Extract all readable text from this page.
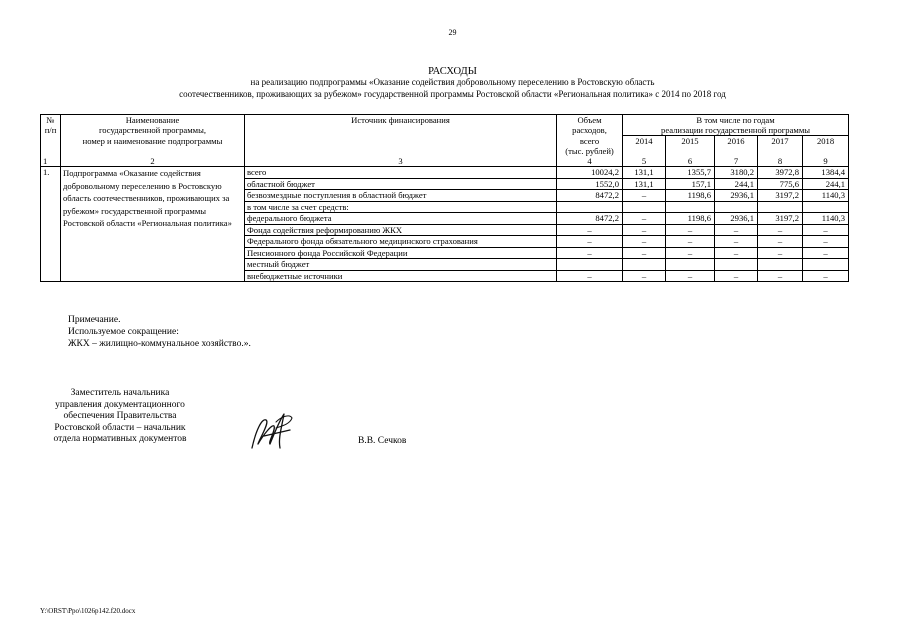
29
РАСХОДЫ
на реализацию подпрограммы «Оказание содействия добровольному переселению в Ростовскую область
соотечественников, проживающих за рубежом» государственной программы Ростовской области «Региональная политика» с 2014 по 2018 год
№	Наименование	Источник финансирования	Объем	В том числе по годам				
п/п	государственной программы,		расходов,	реализации государственной программы				
	номер и наименование подпрограммы		всего	2014	2015	2016	2017	2018
			(тыс. рублей)					
1	2	3	4	5	6	7	8	9
1.	Подпрограмма «Оказание содействия добровольному переселению в Ростовскую область соотечественников, проживающих за рубежом» государственной программы Ростовской области «Региональная политика»	всего	10024,2	131,1	1355,7	3180,2	3972,8	1384,4
		областной бюджет	1552,0	131,1	157,1	244,1	775,6	244,1
		безвозмездные поступления в областной бюджет	8472,2	–	1198,6	2936,1	3197,2	1140,3
		в том числе за счет средств:						
		федерального бюджета	8472,2	–	1198,6	2936,1	3197,2	1140,3
		Фонда содействия реформированию ЖКХ	–	–	–	–	–	–
		Федерального фонда обязательного медицинского страхования	–	–	–	–	–	–
		Пенсионного фонда Российской Федерации	–	–	–	–	–	–
		местный бюджет						
		внебюджетные источники	–	–	–	–	–	–
Примечание.
Используемое сокращение:
ЖКХ – жилищно-коммунальное хозяйство.».
Заместитель начальника
управления документационного
обеспечения Правительства
Ростовской области – начальник
отдела нормативных документов	В.В. Сечков
Y:\ORST\Ppo\1026p142.f20.docx
